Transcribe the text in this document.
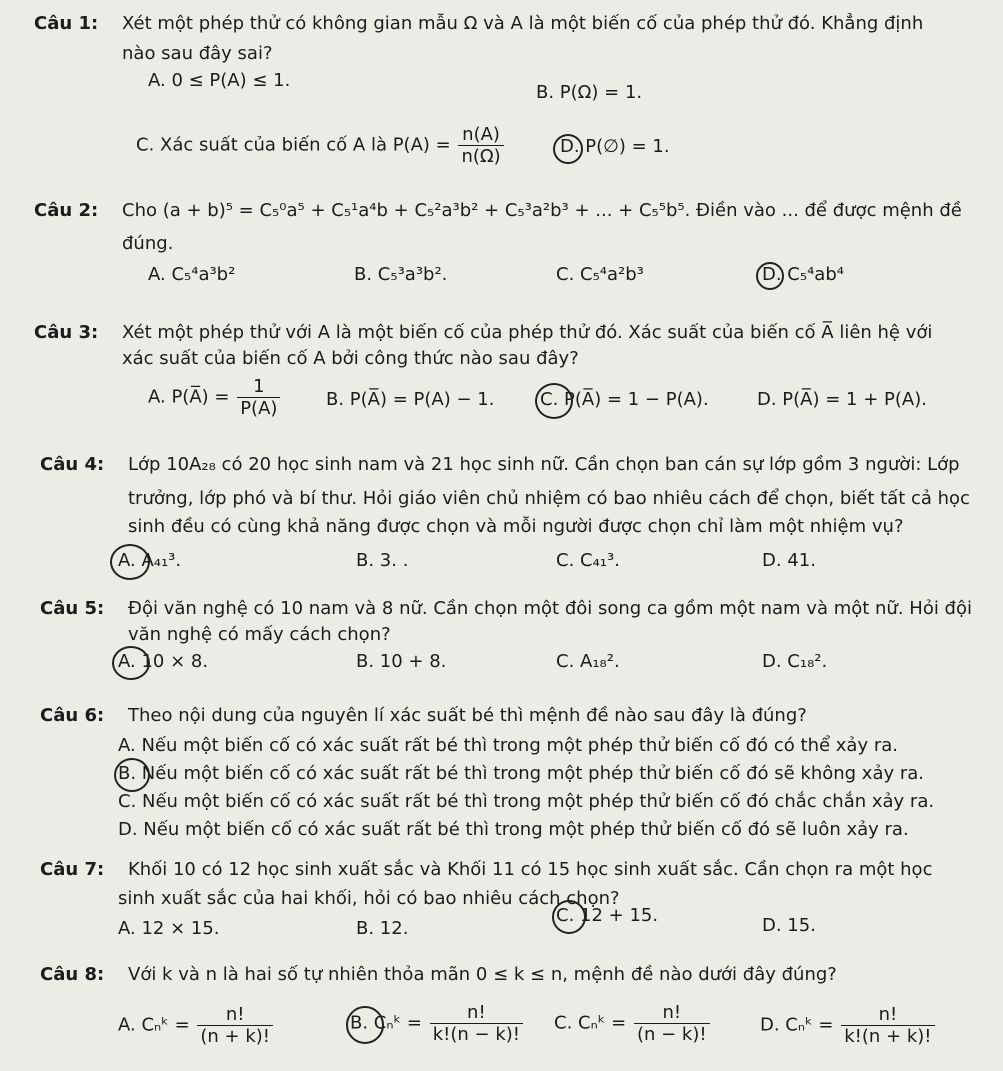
Câu 1: Xét một phép thử có không gian mẫu Ω và A là một biến cố của phép thử đó. Khẳng định
nào sau đây sai?
A. 0 ≤ P(A) ≤ 1.
B. P(Ω) = 1.
C. Xác suất của biến cố A là $P(A) = \frac{n(A)}{n(\Omega)}$	D. P(∅) = 1.
Câu 2: Cho (a + b)⁵ = C₅⁰a⁵ + C₅¹a⁴b + C₅²a³b² + C₅³a²b³ + ... + C₅⁵b⁵. Điền vào ... để được mệnh đề
đúng.
A. C₅⁴a³b²	B. C₅³a³b².	C. C₅⁴a²b³	D. C₅⁴ab⁴
Câu 3: Xét một phép thử với A là một biến cố của phép thử đó. Xác suất của biến cố A̅ liên hệ với
xác suất của biến cố A bởi công thức nào sau đây?
A. P(A̅) = $\frac{1}{P(A)}$	B. P(A̅) = P(A) − 1.	C. P(A̅) = 1 − P(A).	D. P(A̅) = 1 + P(A).
Câu 4: Lớp 10A₂₈ có 20 học sinh nam và 21 học sinh nữ. Cần chọn ban cán sự lớp gồm 3 người: Lớp
trưởng, lớp phó và bí thư. Hỏi giáo viên chủ nhiệm có bao nhiêu cách để chọn, biết tất cả học
sinh đều có cùng khả năng được chọn và mỗi người được chọn chỉ làm một nhiệm vụ?
A. A₄₁³.	B. 3. .	C. C₄₁³.	D. 41.
Câu 5: Đội văn nghệ có 10 nam và 8 nữ. Cần chọn một đôi song ca gồm một nam và một nữ. Hỏi đội
văn nghệ có mấy cách chọn?
A. 10 × 8.	B. 10 + 8.	C. A₁₈².	D. C₁₈².
Câu 6: Theo nội dung của nguyên lí xác suất bé thì mệnh đề nào sau đây là đúng?
A. Nếu một biến cố có xác suất rất bé thì trong một phép thử biến cố đó có thể xảy ra.
B. Nếu một biến cố có xác suất rất bé thì trong một phép thử biến cố đó sẽ không xảy ra.
C. Nếu một biến cố có xác suất rất bé thì trong một phép thử biến cố đó chắc chắn xảy ra.
D. Nếu một biến cố có xác suất rất bé thì trong một phép thử biến cố đó sẽ luôn xảy ra.
Câu 7: Khối 10 có 12 học sinh xuất sắc và Khối 11 có 15 học sinh xuất sắc. Cần chọn ra một học
sinh xuất sắc của hai khối, hỏi có bao nhiêu cách chọn?
A. 12 × 15.	B. 12.
C. 12 + 15.	D. 15.
Câu 8: Với k và n là hai số tự nhiên thỏa mãn 0 ≤ k ≤ n, mệnh đề nào dưới đây đúng?
A. Cₙᵏ = $\frac{n!}{(n + k)!}$	B. Cₙᵏ = $\frac{n!}{k!(n - k)!} C$. Cₙᵏ = $\frac{n!}{(n - k)!}$	D. Cₙᵏ = $\frac{n!}{k!(n + k)!}$
